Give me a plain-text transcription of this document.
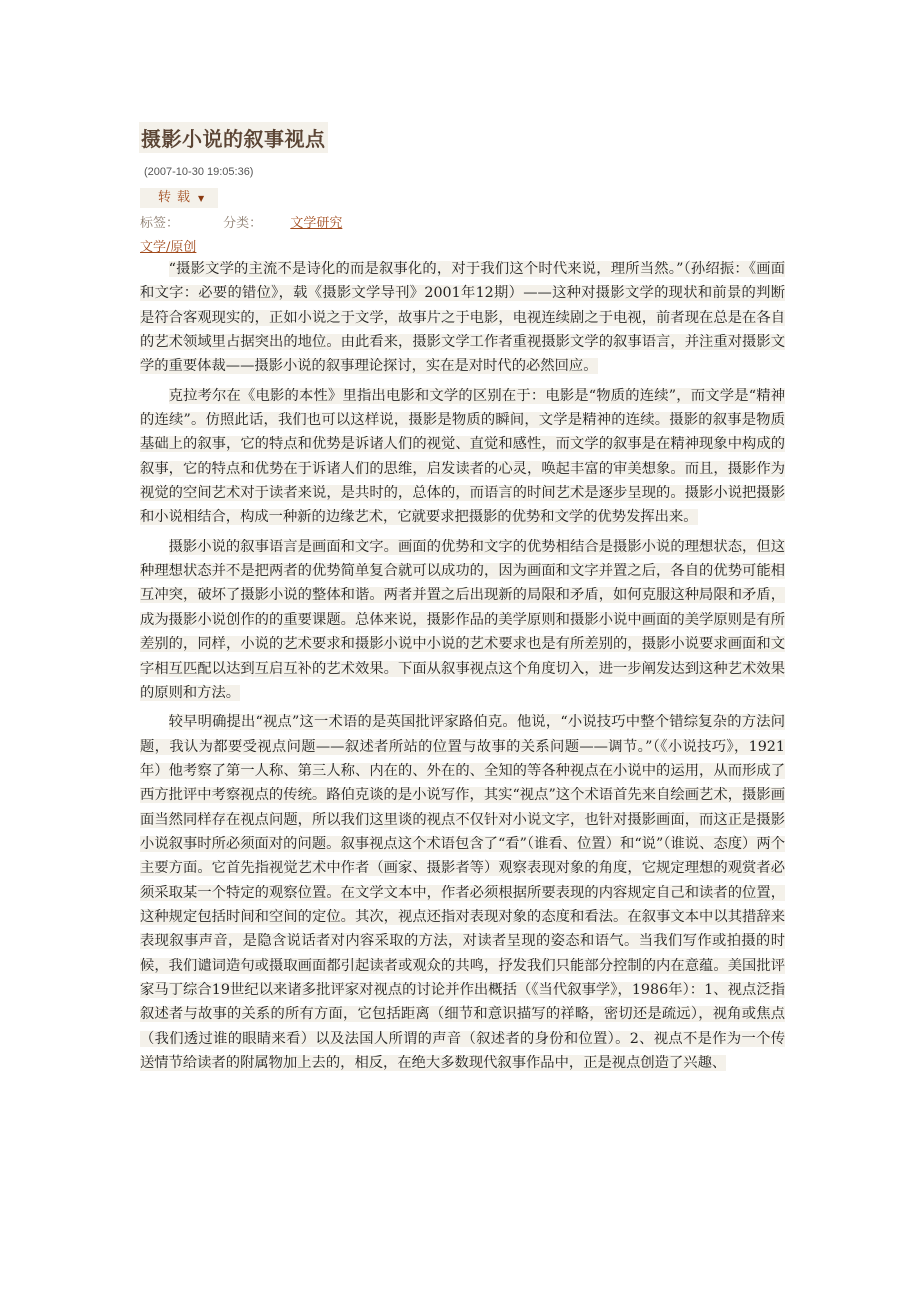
摄影小说的叙事视点
(2007-10-30 19:05:36)
转载 ▼
标签：	分类： 文学研究
文学/原创

“摄影文学的主流不是诗化的而是叙事化的，对于我们这个时代来说，理所当然。”（孙绍振：《画面和文字：必要的错位》，载《摄影文学导刊》2001年12期）——这种对摄影文学的现状和前景的判断是符合客观现实的，正如小说之于文学，故事片之于电影，电视连续剧之于电视，前者现在总是在各自的艺术领域里占据突出的地位。由此看来，摄影文学工作者重视摄影文学的叙事语言，并注重对摄影文学的重要体裁——摄影小说的叙事理论探讨，实在是对时代的必然回应。

克拉考尔在《电影的本性》里指出电影和文学的区别在于：电影是“物质的连续”，而文学是“精神的连续”。仿照此话，我们也可以这样说，摄影是物质的瞬间，文学是精神的连续。摄影的叙事是物质基础上的叙事，它的特点和优势是诉诸人们的视觉、直觉和感性，而文学的叙事是在精神现象中构成的叙事，它的特点和优势在于诉诸人们的思维，启发读者的心灵，唤起丰富的审美想象。而且，摄影作为视觉的空间艺术对于读者来说，是共时的，总体的，而语言的时间艺术是逐步呈现的。摄影小说把摄影和小说相结合，构成一种新的边缘艺术，它就要求把摄影的优势和文学的优势发挥出来。

摄影小说的叙事语言是画面和文字。画面的优势和文字的优势相结合是摄影小说的理想状态，但这种理想状态并不是把两者的优势简单复合就可以成功的，因为画面和文字并置之后，各自的优势可能相互冲突，破坏了摄影小说的整体和谐。两者并置之后出现新的局限和矛盾，如何克服这种局限和矛盾，成为摄影小说创作的的重要课题。总体来说，摄影作品的美学原则和摄影小说中画面的美学原则是有所差别的，同样，小说的艺术要求和摄影小说中小说的艺术要求也是有所差别的，摄影小说要求画面和文字相互匹配以达到互启互补的艺术效果。下面从叙事视点这个角度切入，进一步阐发达到这种艺术效果的原则和方法。

较早明确提出“视点”这一术语的是英国批评家路伯克。他说，“小说技巧中整个错综复杂的方法问题，我认为都要受视点问题——叙述者所站的位置与故事的关系问题——调节。”（《小说技巧》，1921年）他考察了第一人称、第三人称、内在的、外在的、全知的等各种视点在小说中的运用，从而形成了西方批评中考察视点的传统。路伯克谈的是小说写作，其实“视点”这个术语首先来自绘画艺术，摄影画面当然同样存在视点问题，所以我们这里谈的视点不仅针对小说文字，也针对摄影画面，而这正是摄影小说叙事时所必须面对的问题。叙事视点这个术语包含了“看”（谁看、位置）和“说”（谁说、态度）两个主要方面。它首先指视觉艺术中作者（画家、摄影者等）观察表现对象的角度，它规定理想的观赏者必须采取某一个特定的观察位置。在文学文本中，作者必须根据所要表现的内容规定自己和读者的位置，这种规定包括时间和空间的定位。其次，视点还指对表现对象的态度和看法。在叙事文本中以其措辞来表现叙事声音，是隐含说话者对内容采取的方法，对读者呈现的姿态和语气。当我们写作或拍摄的时候，我们谴词造句或摄取画面都引起读者或观众的共鸣，抒发我们只能部分控制的内在意蕴。美国批评家马丁综合19世纪以来诸多批评家对视点的讨论并作出概括（《当代叙事学》，1986年）：1、视点泛指叙述者与故事的关系的所有方面，它包括距离（细节和意识描写的祥略，密切还是疏远），视角或焦点（我们透过谁的眼睛来看）以及法国人所谓的声音（叙述者的身份和位置）。2、视点不是作为一个传送情节给读者的附属物加上去的，相反，在绝大多数现代叙事作品中，正是视点创造了兴趣、
